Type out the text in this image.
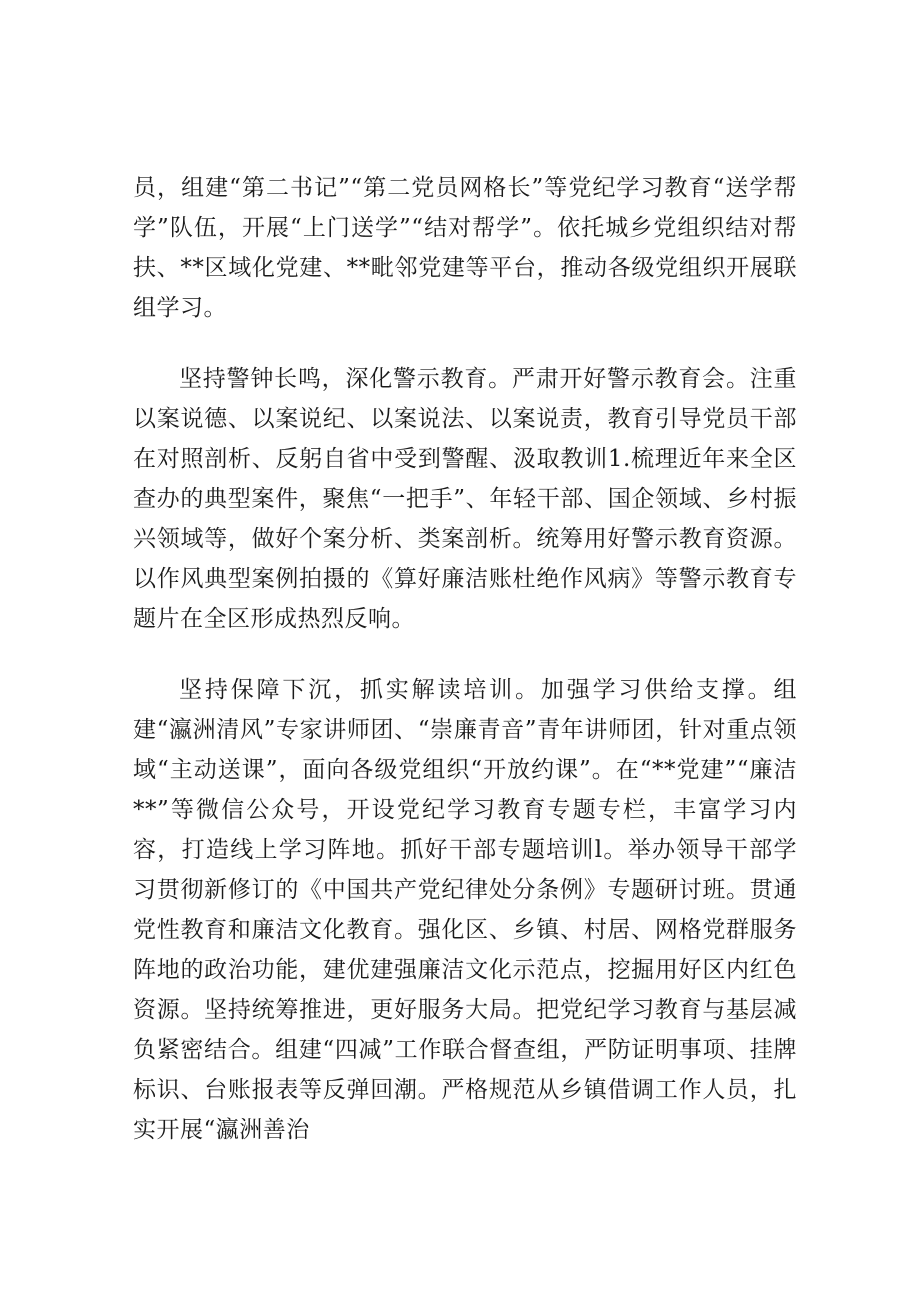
员，组建“第二书记”“第二党员网格长”等党纪学习教育“送学帮学”队伍，开展“上门送学”“结对帮学”。依托城乡党组织结对帮扶、**区域化党建、**毗邻党建等平台，推动各级党组织开展联组学习。

坚持警钟长鸣，深化警示教育。严肃开好警示教育会。注重以案说德、以案说纪、以案说法、以案说责，教育引导党员干部在对照剖析、反躬自省中受到警醒、汲取教训1.梳理近年来全区查办的典型案件，聚焦“一把手”、年轻干部、国企领域、乡村振兴领域等，做好个案分析、类案剖析。统筹用好警示教育资源。以作风典型案例拍摄的《算好廉洁账杜绝作风病》等警示教育专题片在全区形成热烈反响。

坚持保障下沉，抓实解读培训。加强学习供给支撑。组建“瀛洲清风”专家讲师团、“崇廉青音”青年讲师团，针对重点领域“主动送课”，面向各级党组织“开放约课”。在“**党建”“廉洁**”等微信公众号，开设党纪学习教育专题专栏，丰富学习内容，打造线上学习阵地。抓好干部专题培训l。举办领导干部学习贯彻新修订的《中国共产党纪律处分条例》专题研讨班。贯通党性教育和廉洁文化教育。强化区、乡镇、村居、网格党群服务阵地的政治功能，建优建强廉洁文化示范点，挖掘用好区内红色资源。坚持统筹推进，更好服务大局。把党纪学习教育与基层减负紧密结合。组建“四减”工作联合督查组，严防证明事项、挂牌标识、台账报表等反弹回潮。严格规范从乡镇借调工作人员，扎实开展“瀛洲善治
